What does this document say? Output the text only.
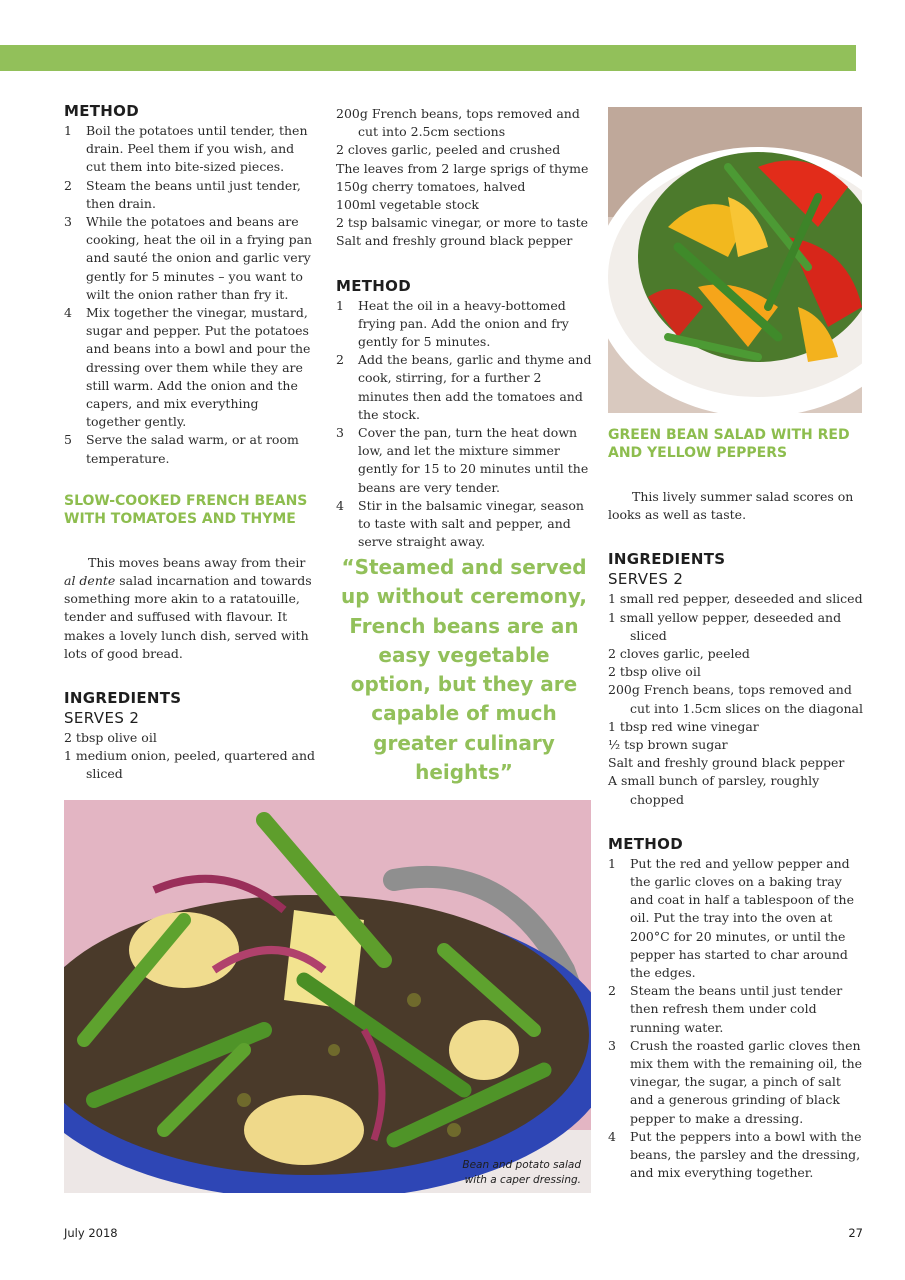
METHOD
1 Boil the potatoes until tender, then drain. Peel them if you wish, and cut them into bite-sized pieces.
2 Steam the beans until just tender, then drain.
3 While the potatoes and beans are cooking, heat the oil in a frying pan and sauté the onion and garlic very gently for 5 minutes – you want to wilt the onion rather than fry it.
4 Mix together the vinegar, mustard, sugar and pepper. Put the potatoes and beans into a bowl and pour the dressing over them while they are still warm. Add the onion and the capers, and mix everything together gently.
5 Serve the salad warm, or at room temperature.
SLOW-COOKED FRENCH BEANS WITH TOMATOES AND THYME

This moves beans away from their al dente salad incarnation and towards something more akin to a ratatouille, tender and suffused with flavour. It makes a lovely lunch dish, served with lots of good bread.

INGREDIENTS
SERVES 2
2 tbsp olive oil
1 medium onion, peeled, quartered and sliced
200g French beans, tops removed and cut into 2.5cm sections
2 cloves garlic, peeled and crushed
The leaves from 2 large sprigs of thyme
150g cherry tomatoes, halved
100ml vegetable stock
2 tsp balsamic vinegar, or more to taste
Salt and freshly ground black pepper
METHOD
1 Heat the oil in a heavy-bottomed frying pan. Add the onion and fry gently for 5 minutes.
2 Add the beans, garlic and thyme and cook, stirring, for a further 2 minutes then add the tomatoes and the stock.
3 Cover the pan, turn the heat down low, and let the mixture simmer gently for 15 to 20 minutes until the beans are very tender.
4 Stir in the balsamic vinegar, season to taste with salt and pepper, and serve straight away.
“Steamed and served up without ceremony, French beans are an easy vegetable option, but they are capable of much greater culinary heights”
GREEN BEAN SALAD WITH RED AND YELLOW PEPPERS

This lively summer salad scores on looks as well as taste.

INGREDIENTS
SERVES 2
1 small red pepper, deseeded and sliced
1 small yellow pepper, deseeded and sliced
2 cloves garlic, peeled
2 tbsp olive oil
200g French beans, tops removed and cut into 1.5cm slices on the diagonal
1 tbsp red wine vinegar
½ tsp brown sugar
Salt and freshly ground black pepper
A small bunch of parsley, roughly chopped
METHOD
1 Put the red and yellow pepper and the garlic cloves on a baking tray and coat in half a tablespoon of the oil. Put the tray into the oven at 200°C for 20 minutes, or until the pepper has started to char around the edges.
2 Steam the beans until just tender then refresh them under cold running water.
3 Crush the roasted garlic cloves then mix them with the remaining oil, the vinegar, the sugar, a pinch of salt and a generous grinding of black pepper to make a dressing.
4 Put the peppers into a bowl with the beans, the parsley and the dressing, and mix everything together.
Bean and potato salad with a caper dressing.
July 2018	27
